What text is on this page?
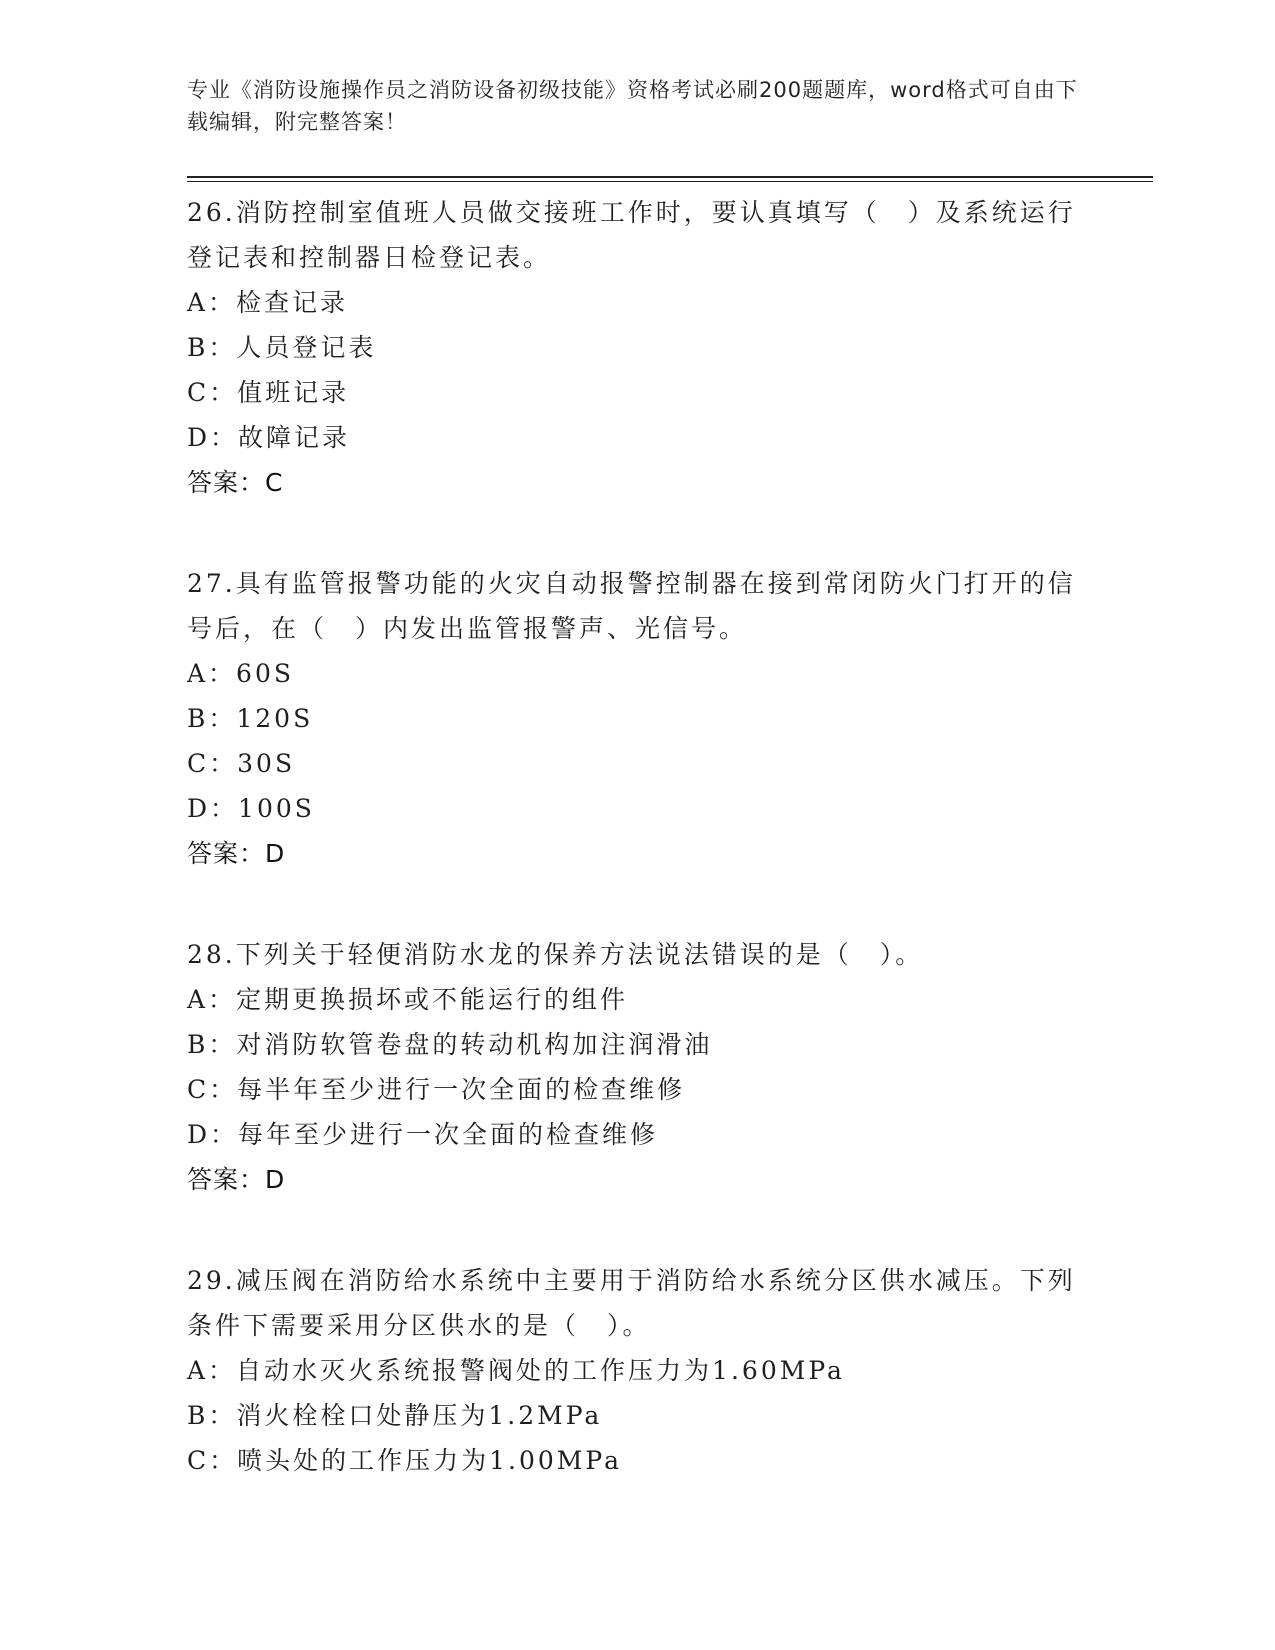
专业《消防设施操作员之消防设备初级技能》资格考试必刷200题题库，word格式可自由下载编辑，附完整答案！
26.消防控制室值班人员做交接班工作时，要认真填写（　）及系统运行登记表和控制器日检登记表。
A：检查记录
B：人员登记表
C：值班记录
D：故障记录
答案：C
27.具有监管报警功能的火灾自动报警控制器在接到常闭防火门打开的信号后，在（　）内发出监管报警声、光信号。
A：60S
B：120S
C：30S
D：100S
答案：D
28.下列关于轻便消防水龙的保养方法说法错误的是（　）。
A：定期更换损坏或不能运行的组件
B：对消防软管卷盘的转动机构加注润滑油
C：每半年至少进行一次全面的检查维修
D：每年至少进行一次全面的检查维修
答案：D
29.减压阀在消防给水系统中主要用于消防给水系统分区供水减压。下列条件下需要采用分区供水的是（　）。
A：自动水灭火系统报警阀处的工作压力为1.60MPa
B：消火栓栓口处静压为1.2MPa
C：喷头处的工作压力为1.00MPa
